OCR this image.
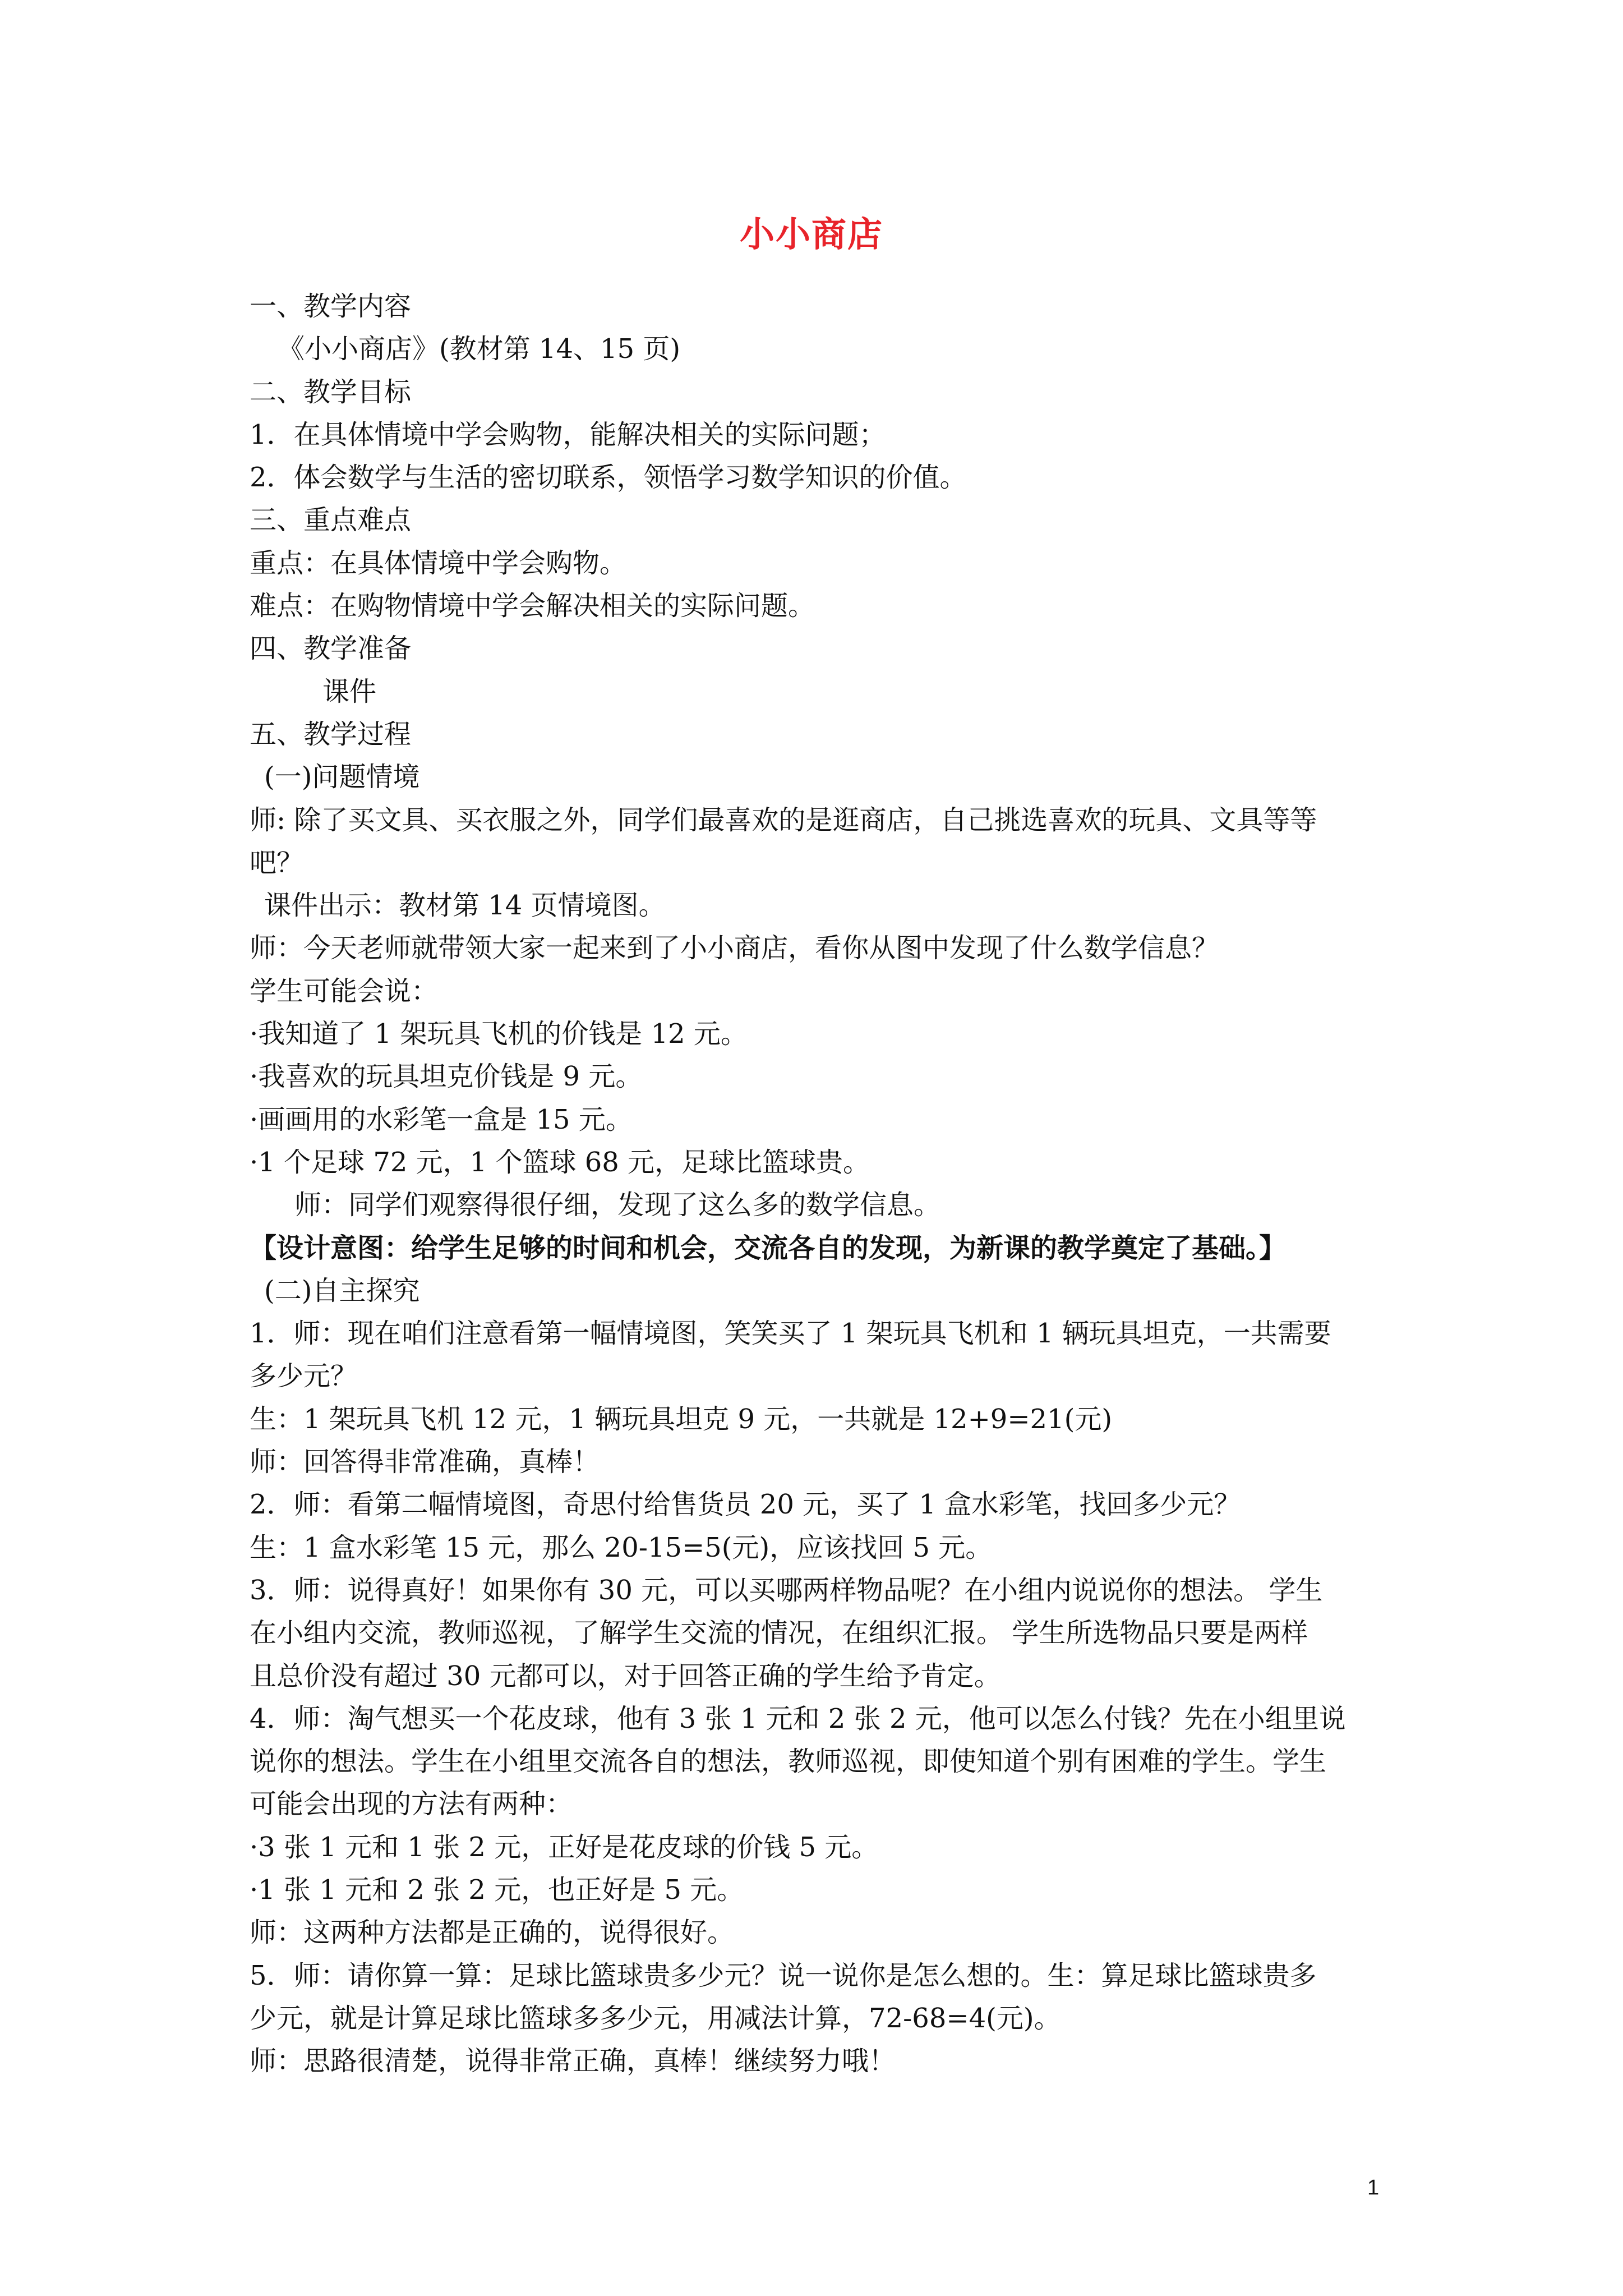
小小商店
一、教学内容
《小小商店》(教材第 14、15 页)
二、教学目标
1．在具体情境中学会购物，能解决相关的实际问题；
2．体会数学与生活的密切联系，领悟学习数学知识的价值。
三、重点难点
重点：在具体情境中学会购物。
难点：在购物情境中学会解决相关的实际问题。
四、教学准备
课件
五、教学过程
(一)问题情境
师: 除了买文具、买衣服之外，同学们最喜欢的是逛商店，自己挑选喜欢的玩具、文具等等
吧？
课件出示：教材第 14 页情境图。
师：今天老师就带领大家一起来到了小小商店，看你从图中发现了什么数学信息？
学生可能会说：
·我知道了 1 架玩具飞机的价钱是 12 元。
·我喜欢的玩具坦克价钱是 9 元。
·画画用的水彩笔一盒是 15 元。
·1 个足球 72 元，1 个篮球 68 元，足球比篮球贵。
师：同学们观察得很仔细，发现了这么多的数学信息。
【设计意图：给学生足够的时间和机会，交流各自的发现，为新课的教学奠定了基础。】
(二)自主探究
1．师：现在咱们注意看第一幅情境图，笑笑买了 1 架玩具飞机和 1 辆玩具坦克，一共需要
多少元？
生：1 架玩具飞机 12 元，1 辆玩具坦克 9 元，一共就是 12+9=21(元)
师：回答得非常准确，真棒！
2．师：看第二幅情境图，奇思付给售货员 20 元，买了 1 盒水彩笔，找回多少元？
生：1 盒水彩笔 15 元，那么 20-15=5(元)，应该找回 5 元。
3．师：说得真好！如果你有 30 元，可以买哪两样物品呢？在小组内说说你的想法。 学生
在小组内交流，教师巡视，了解学生交流的情况，在组织汇报。 学生所选物品只要是两样
且总价没有超过 30 元都可以，对于回答正确的学生给予肯定。
4．师：淘气想买一个花皮球，他有 3 张 1 元和 2 张 2 元，他可以怎么付钱？先在小组里说
说你的想法。学生在小组里交流各自的想法，教师巡视，即使知道个别有困难的学生。学生
可能会出现的方法有两种：
·3 张 1 元和 1 张 2 元，正好是花皮球的价钱 5 元。
·1 张 1 元和 2 张 2 元，也正好是 5 元。
师：这两种方法都是正确的，说得很好。
5．师：请你算一算：足球比篮球贵多少元？说一说你是怎么想的。生：算足球比篮球贵多
少元，就是计算足球比篮球多多少元，用减法计算，72-68=4(元)。
师：思路很清楚，说得非常正确，真棒！继续努力哦！
1
